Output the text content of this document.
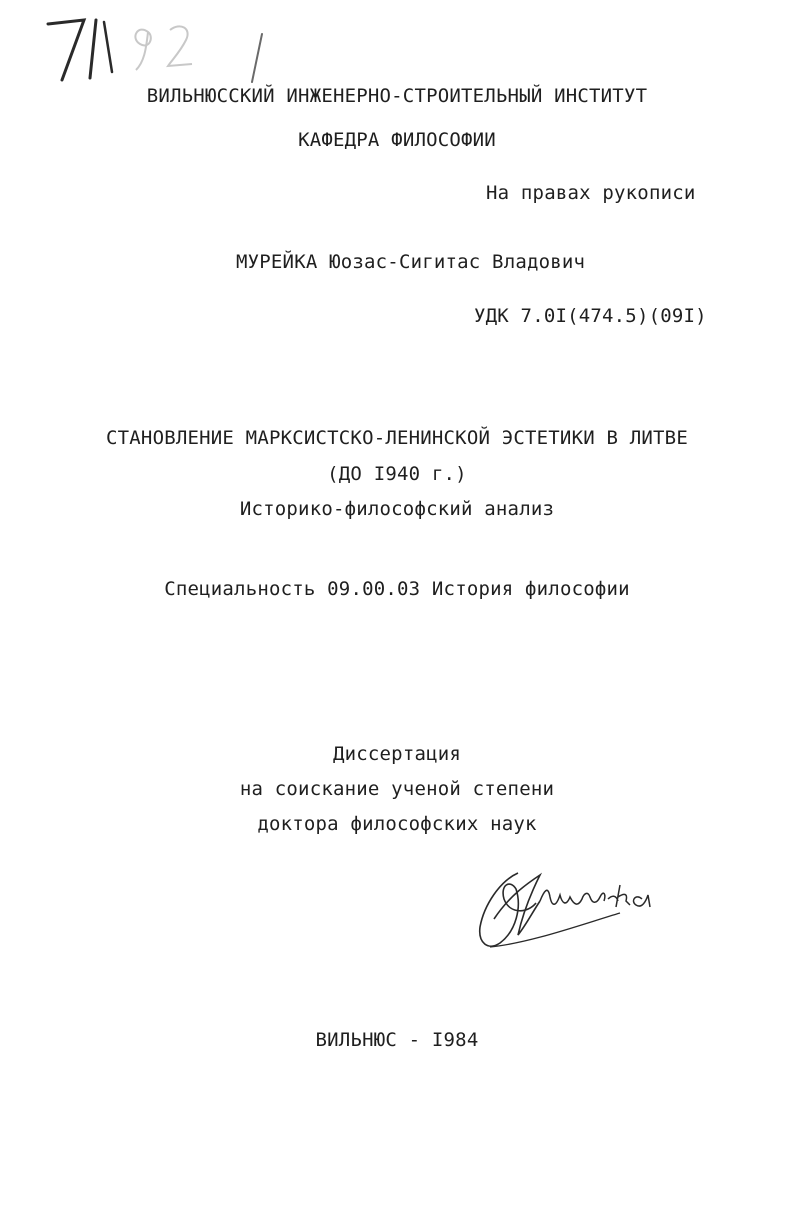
ВИЛЬНЮССКИЙ ИНЖЕНЕРНО-СТРОИТЕЛЬНЫЙ ИНСТИТУТ
КАФЕДРА ФИЛОСОФИИ
На правах рукописи
МУРЕЙКА Юозас-Сигитас Владович
УДК 7.0I(474.5)(09I)
СТАНОВЛЕНИЕ МАРКСИСТСКО-ЛЕНИНСКОЙ ЭСТЕТИКИ В ЛИТВЕ
(ДО I940 г.)
Историко-философский анализ
Специальность 09.00.03 История философии
Диссертация
на соискание ученой степени
доктора философских наук
ВИЛЬНЮС - I984
